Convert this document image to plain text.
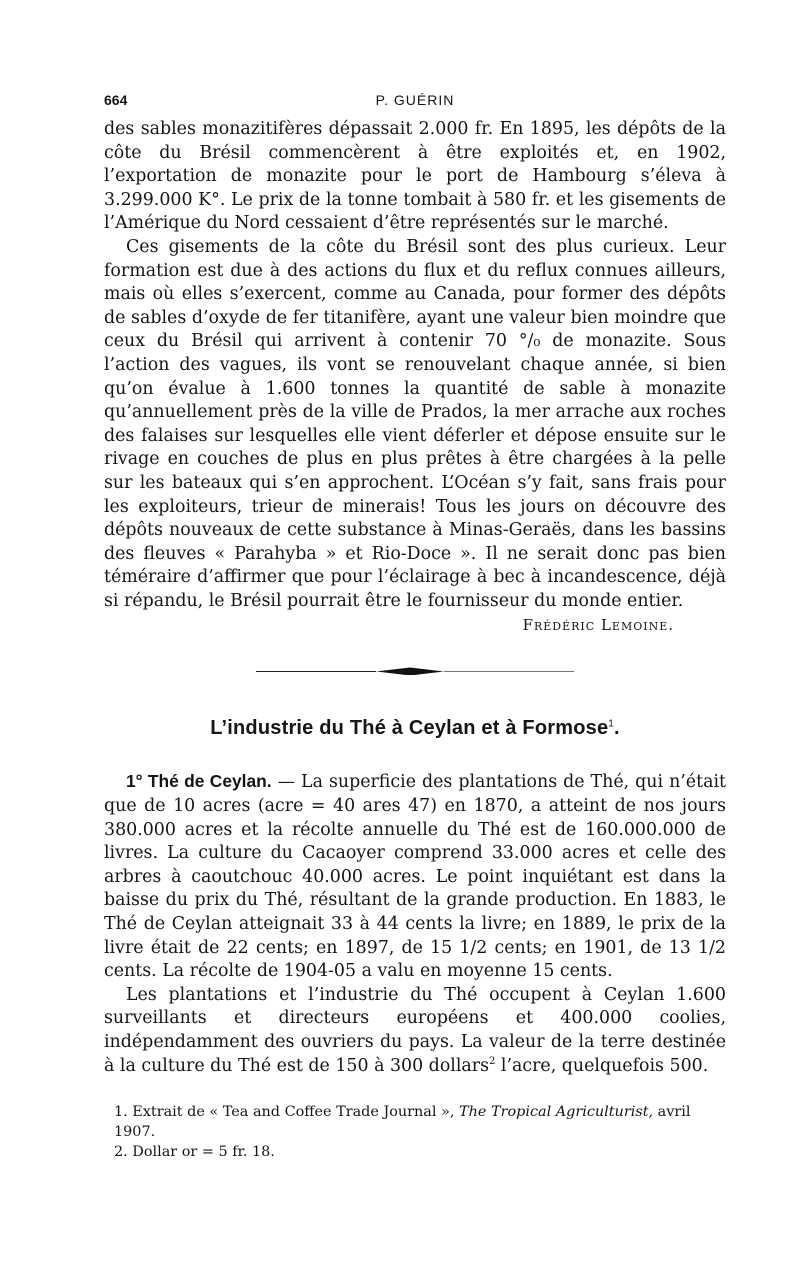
664	P. GUÉRIN

des sables monazitifères dépassait 2.000 fr. En 1895, les dépôts de la côte du Brésil commencèrent à être exploités et, en 1902, l’exportation de monazite pour le port de Hambourg s’éleva à 3.299.000 K°. Le prix de la tonne tombait à 580 fr. et les gisements de l’Amérique du Nord cessaient d’être représentés sur le marché.

Ces gisements de la côte du Brésil sont des plus curieux. Leur formation est due à des actions du flux et du reflux connues ailleurs, mais où elles s’exercent, comme au Canada, pour former des dépôts de sables d’oxyde de fer titanifère, ayant une valeur bien moindre que ceux du Brésil qui arrivent à contenir 70 °/₀ de monazite. Sous l’action des vagues, ils vont se renouvelant chaque année, si bien qu’on évalue à 1.600 tonnes la quantité de sable à monazite qu’annuellement près de la ville de Prados, la mer arrache aux roches des falaises sur lesquelles elle vient déferler et dépose ensuite sur le rivage en couches de plus en plus prêtes à être chargées à la pelle sur les bateaux qui s’en approchent. L’Océan s’y fait, sans frais pour les exploiteurs, trieur de minerais! Tous les jours on découvre des dépôts nouveaux de cette substance à Minas-Geraës, dans les bassins des fleuves « Parahyba » et Rio-Doce ». Il ne serait donc pas bien téméraire d’affirmer que pour l’éclairage à bec à incandescence, déjà si répandu, le Brésil pourrait être le fournisseur du monde entier.

Frédéric Lemoine.
L’industrie du Thé à Ceylan et à Formose$^1$.

1° Thé de Ceylan. — La superficie des plantations de Thé, qui n’était que de 10 acres (acre = 40 ares 47) en 1870, a atteint de nos jours 380.000 acres et la récolte annuelle du Thé est de 160.000.000 de livres. La culture du Cacaoyer comprend 33.000 acres et celle des arbres à caoutchouc 40.000 acres. Le point inquiétant est dans la baisse du prix du Thé, résultant de la grande production. En 1883, le Thé de Ceylan atteignait 33 à 44 cents la livre; en 1889, le prix de la livre était de 22 cents; en 1897, de 15 1/2 cents; en 1901, de 13 1/2 cents. La récolte de 1904-05 a valu en moyenne 15 cents.

Les plantations et l’industrie du Thé occupent à Ceylan 1.600 surveillants et directeurs européens et 400.000 coolies, indépendamment des ouvriers du pays. La valeur de la terre destinée à la culture du Thé est de 150 à 300 dollars$^2$ l’acre, quelquefois 500.

1. Extrait de « Tea and Coffee Trade Journal », The Tropical Agriculturist, avril 1907.

2. Dollar or = 5 fr. 18.
